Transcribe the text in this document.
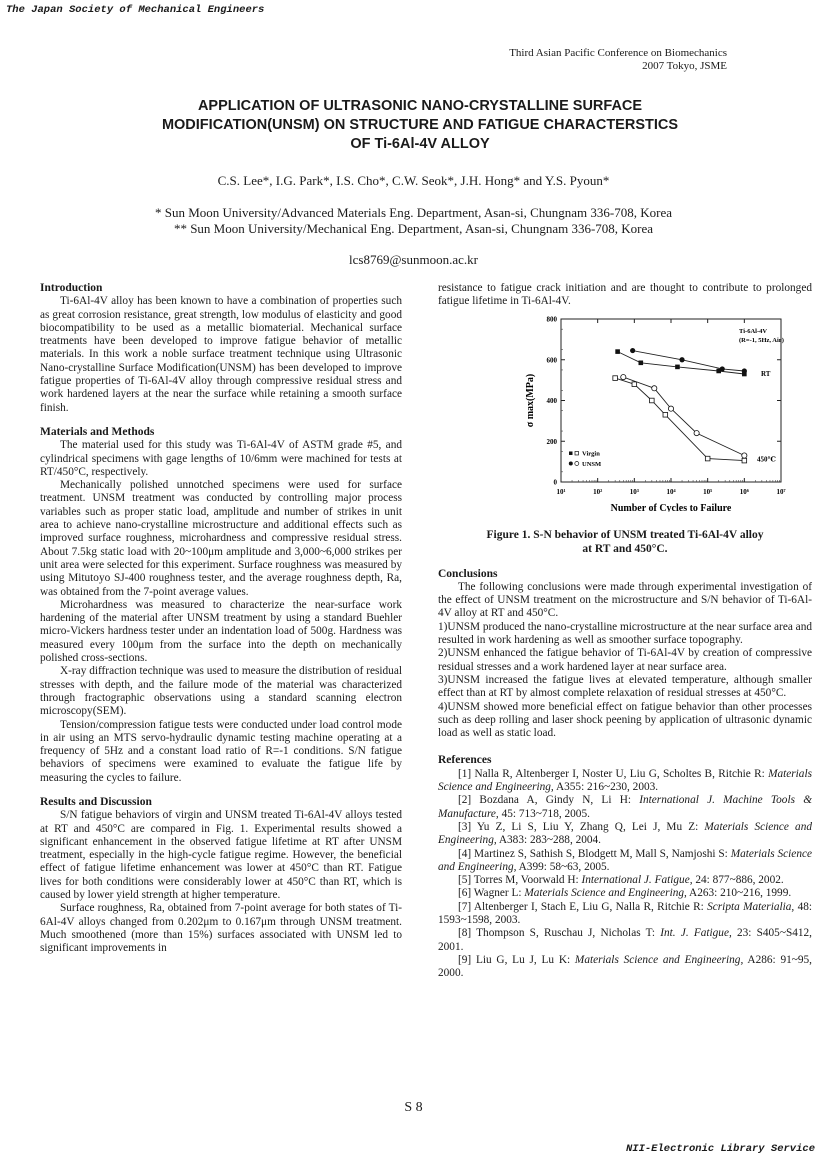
The Japan Society of Mechanical Engineers
Third Asian Pacific Conference on Biomechanics
2007 Tokyo, JSME
APPLICATION OF ULTRASONIC NANO-CRYSTALLINE SURFACE
MODIFICATION(UNSM) ON STRUCTURE AND FATIGUE CHARACTERSTICS
OF Ti-6Al-4V ALLOY
C.S. Lee*, I.G. Park*, I.S. Cho*, C.W. Seok*, J.H. Hong* and Y.S. Pyoun*
* Sun Moon University/Advanced Materials Eng. Department, Asan-si, Chungnam 336-708, Korea
** Sun Moon University/Mechanical Eng. Department, Asan-si, Chungnam 336-708, Korea
lcs8769@sunmoon.ac.kr
Introduction

Ti-6Al-4V alloy has been known to have a combination of properties such as great corrosion resistance, great strength, low modulus of elasticity and good biocompatibility to be used as a metallic biomaterial. Mechanical surface treatments have been developed to improve fatigue behavior of metallic materials. In this work a noble surface treatment technique using Ultrasonic Nano-crystalline Surface Modification(UNSM) has been developed to improve fatigue properties of Ti-6Al-4V alloy through compressive residual stress and work hardened layers at the near the surface while retaining a smooth surface finish.

Materials and Methods

The material used for this study was Ti-6Al-4V of ASTM grade #5, and cylindrical specimens with gage lengths of 10/6mm were machined for tests at RT/450°C, respectively.

Mechanically polished unnotched specimens were used for surface treatment. UNSM treatment was conducted by controlling major process variables such as proper static load, amplitude and number of strikes in unit area to achieve nano-crystalline microstructure and additional effects such as improved surface roughness, microhardness and compressive residual stress. About 7.5kg static load with 20~100μm amplitude and 3,000~6,000 strikes per unit area were selected for this experiment. Surface roughness was measured by using Mitutoyo SJ-400 roughness tester, and the average roughness depth, Ra, was obtained from the 7-point average values.

Microhardness was measured to characterize the near-surface work hardening of the material after UNSM treatment by using a standard Buehler micro-Vickers hardness tester under an indentation load of 500g. Hardness was measured every 100μm from the surface into the depth on mechanically polished cross-sections.

X-ray diffraction technique was used to measure the distribution of residual stresses with depth, and the failure mode of the material was characterized through fractographic observations using a standard scanning electron microscopy(SEM).

Tension/compression fatigue tests were conducted under load control mode in air using an MTS servo-hydraulic dynamic testing machine operating at a frequency of 5Hz and a constant load ratio of R=-1 conditions. S/N fatigue behaviors of specimens were examined to evaluate the fatigue life by measuring the cycles to failure.

Results and Discussion

S/N fatigue behaviors of virgin and UNSM treated Ti-6Al-4V alloys tested at RT and 450°C are compared in Fig. 1. Experimental results showed a significant enhancement in the observed fatigue lifetime at RT after UNSM treatment, especially in the high-cycle fatigue regime. However, the beneficial effect of fatigue lifetime enhancement was lower at 450°C than RT. Fatigue lives for both conditions were considerably lower at 450°C than RT, which is caused by lower yield strength at higher temperature.

Surface roughness, Ra, obtained from 7-point average for both states of Ti-6Al-4V alloys changed from 0.202μm to 0.167μm through UNSM treatment. Much smoothened (more than 15%) surfaces associated with UNSM led to significant improvements in

resistance to fatigue crack initiation and are thought to contribute to prolonged fatigue lifetime in Ti-6Al-4V.

10¹	10²	10³	10⁴	10⁵	10⁶	10⁷
0
200
400
600
800
Number of Cycles to Failure
σ max(MPa)
Ti-6Al-4V
(R=-1, 5Hz, Air)
RT
450℃
Virgin
UNSM
Figure 1. S-N behavior of UNSM treated Ti-6Al-4V alloy
at RT and 450°C.
Conclusions

The following conclusions were made through experimental investigation of the effect of UNSM treatment on the microstructure and S/N behavior of Ti-6Al-4V alloy at RT and 450°C.

1)UNSM produced the nano-crystalline microstructure at the near surface area and resulted in work hardening as well as smoother surface topography.

2)UNSM enhanced the fatigue behavior of Ti-6Al-4V by creation of compressive residual stresses and a work hardened layer at near surface area.

3)UNSM increased the fatigue lives at elevated temperature, although smaller effect than at RT by almost complete relaxation of residual stresses at 450°C.

4)UNSM showed more beneficial effect on fatigue behavior than other processes such as deep rolling and laser shock peening by application of ultrasonic dynamic load as well as static load.

References

[1] Nalla R, Altenberger I, Noster U, Liu G, Scholtes B, Ritchie R: Materials Science and Engineering, A355: 216~230, 2003.

[2] Bozdana A, Gindy N, Li H: International J. Machine Tools & Manufacture, 45: 713~718, 2005.

[3] Yu Z, Li S, Liu Y, Zhang Q, Lei J, Mu Z: Materials Science and Engineering, A383: 283~288, 2004.

[4] Martinez S, Sathish S, Blodgett M, Mall S, Namjoshi S: Materials Science and Engineering, A399: 58~63, 2005.

[5] Torres M, Voorwald H: International J. Fatigue, 24: 877~886, 2002.

[6] Wagner L: Materials Science and Engineering, A263: 210~216, 1999.

[7] Altenberger I, Stach E, Liu G, Nalla R, Ritchie R: Scripta Materialia, 48: 1593~1598, 2003.

[8] Thompson S, Ruschau J, Nicholas T: Int. J. Fatigue, 23: S405~S412, 2001.

[9] Liu G, Lu J, Lu K: Materials Science and Engineering, A286: 91~95, 2000.

S 8
NII-Electronic Library Service
